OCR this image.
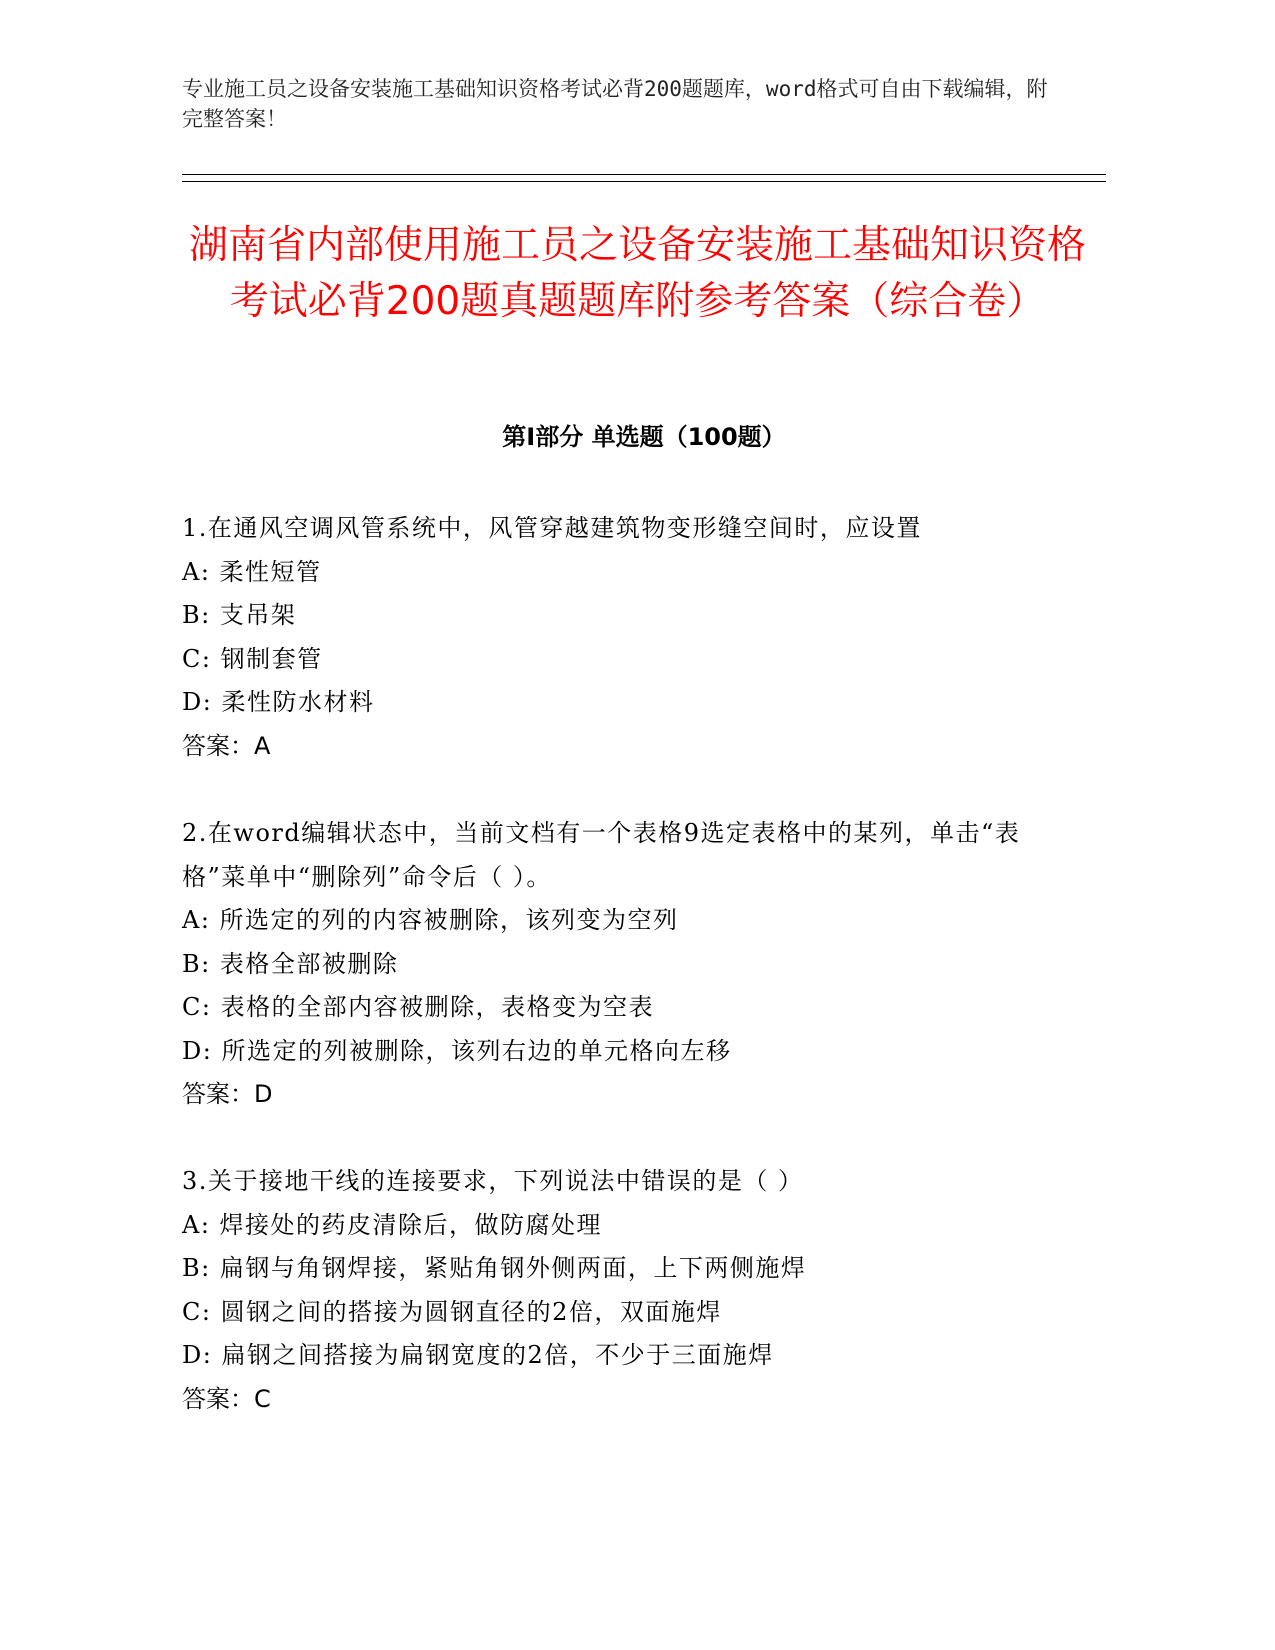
专业施工员之设备安装施工基础知识资格考试必背200题题库，word格式可自由下载编辑，附完整答案！
湖南省内部使用施工员之设备安装施工基础知识资格考试必背200题真题题库附参考答案（综合卷）
第I部分 单选题（100题）

1.在通风空调风管系统中，风管穿越建筑物变形缝空间时，应设置

A: 柔性短管

B: 支吊架

C: 钢制套管

D: 柔性防水材料

答案：A

2.在word编辑状态中，当前文档有一个表格9选定表格中的某列，单击“表格”菜单中“删除列”命令后（ ）。

A: 所选定的列的内容被删除，该列变为空列

B: 表格全部被删除

C: 表格的全部内容被删除，表格变为空表

D: 所选定的列被删除，该列右边的单元格向左移

答案：D

3.关于接地干线的连接要求，下列说法中错误的是（ ）

A: 焊接处的药皮清除后，做防腐处理

B: 扁钢与角钢焊接，紧贴角钢外侧两面，上下两侧施焊

C: 圆钢之间的搭接为圆钢直径的2倍，双面施焊

D: 扁钢之间搭接为扁钢宽度的2倍，不少于三面施焊

答案：C
